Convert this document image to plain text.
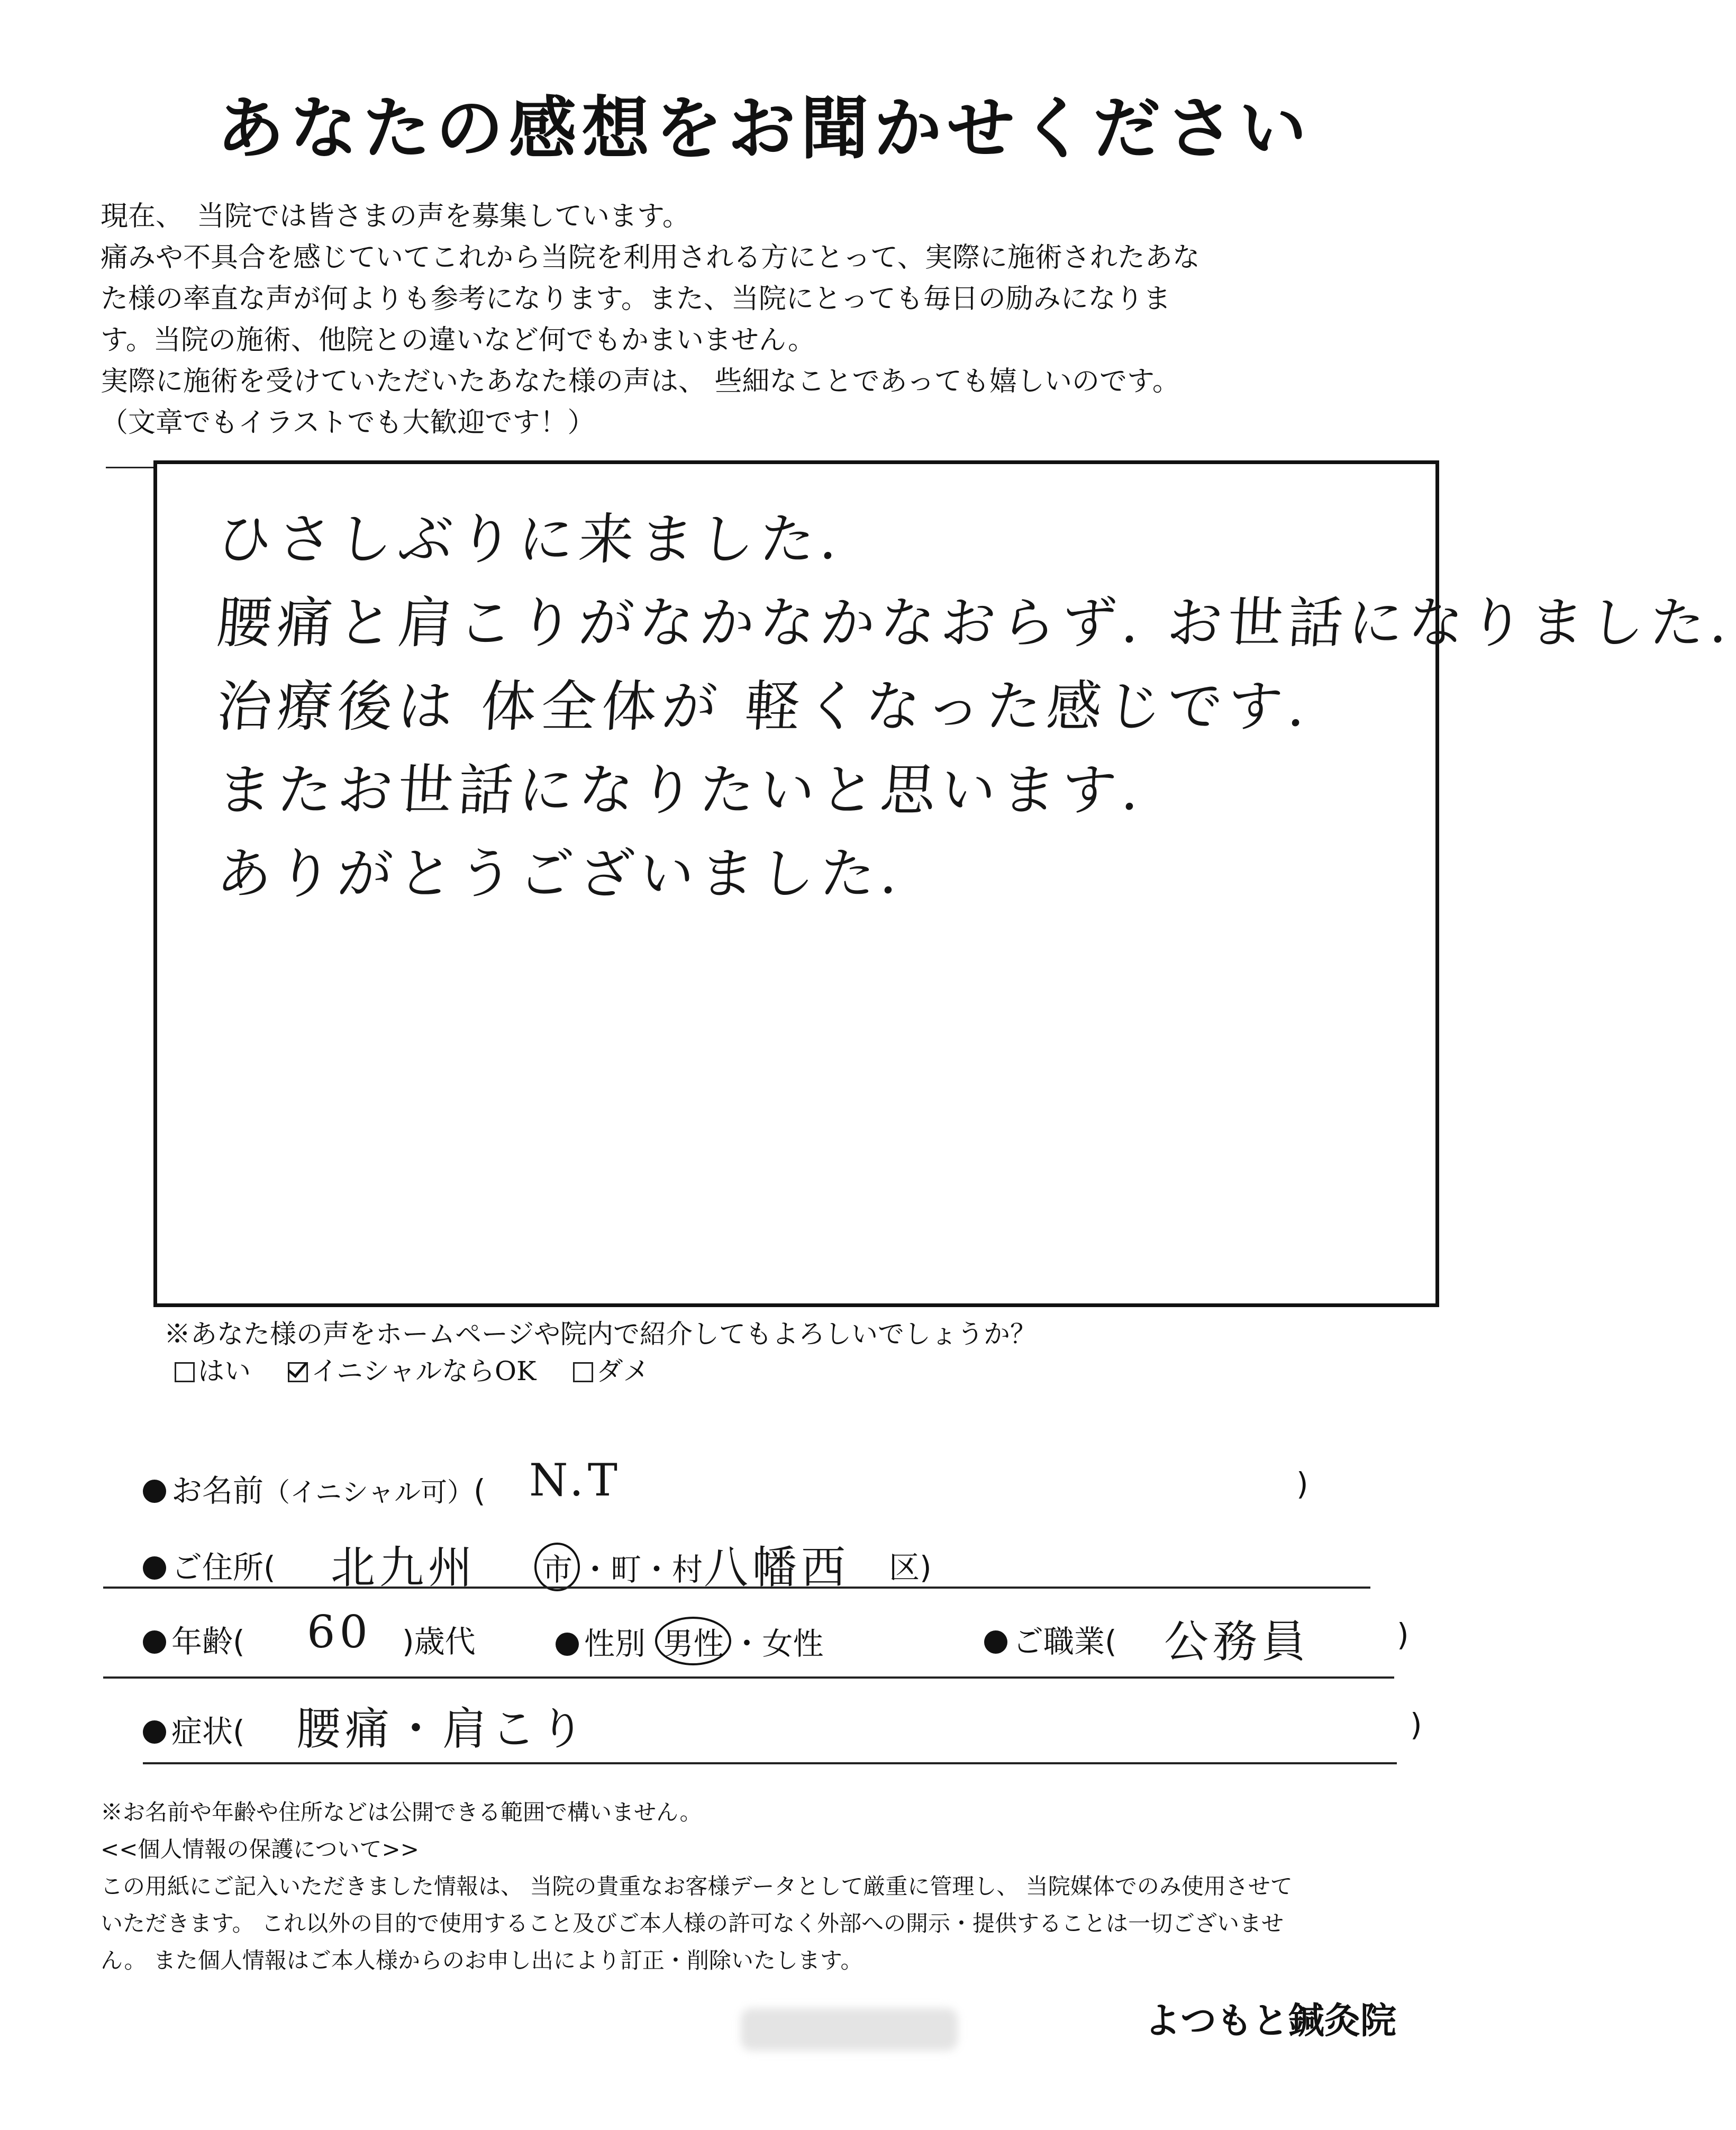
あなたの感想をお聞かせください
現在、　当院では皆さまの声を募集しています。
痛みや不具合を感じていてこれから当院を利用される方にとって、実際に施術されたあな
た様の率直な声が何よりも参考になります。また、当院にとっても毎日の励みになりま
す。当院の施術、他院との違いなど何でもかまいません。
実際に施術を受けていただいたあなた様の声は、 些細なことであっても嬉しいのです。
（文章でもイラストでも大歓迎です！）
ひさしぶりに来ました.
腰痛と肩こりがなかなかなおらず. お世話になりました.
治療後は 体全体が 軽くなった感じです.
またお世話になりたいと思います.
ありがとうございました.
※あなた様の声をホームページや院内で紹介してもよろしいでしょうか？
はい	イニシャルならOK	ダメ
お名前（イニシャル可）( N.T	)
ご住所( 北九州 市 ・町・村 八幡西 区)
年齢( 60 )歳代	性別 男性 ・女性	ご職業( 公務員	)
症状( 腰痛・肩こり	)
※お名前や年齢や住所などは公開できる範囲で構いません。
<<個人情報の保護について>>
この用紙にご記入いただきました情報は、 当院の貴重なお客様データとして厳重に管理し、 当院媒体でのみ使用させて
いただきます。 これ以外の目的で使用すること及びご本人様の許可なく外部への開示・提供することは一切ございませ
ん。 また個人情報はご本人様からのお申し出により訂正・削除いたします。
よつもと鍼灸院
